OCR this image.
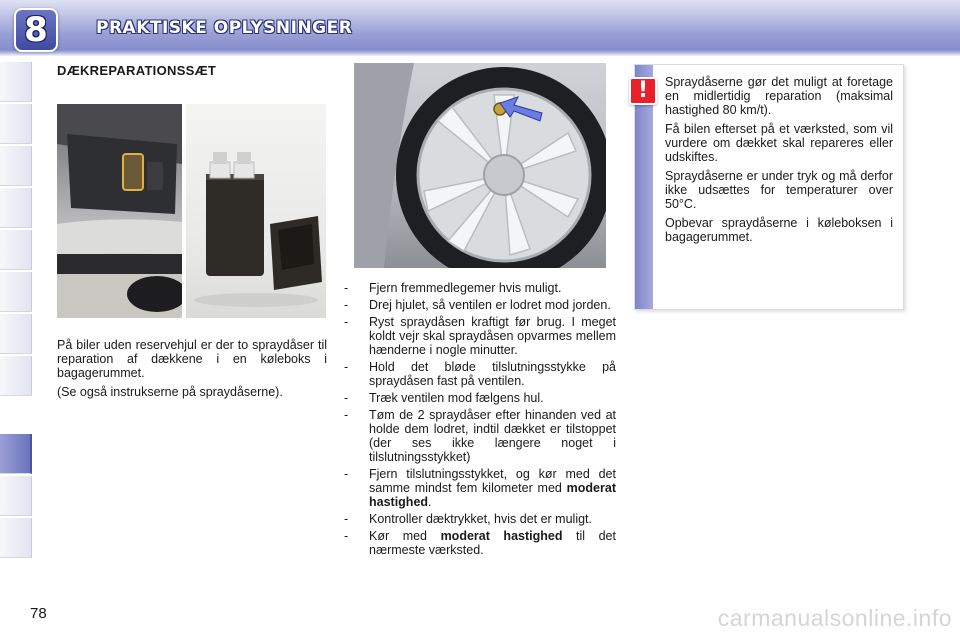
8	PRAKTISKE OPLYSNINGER
DÆKREPARATIONSSÆT

På biler uden reservehjul er der to spraydåser til reparation af dækkene i en køleboks i bagagerummet.

(Se også instrukserne på spraydåserne).

- Fjern fremmedlegemer hvis muligt.
- Drej hjulet, så ventilen er lodret mod jorden.
- Ryst spraydåsen kraftigt før brug. I meget koldt vejr skal spraydåsen opvarmes mellem hænderne i nogle minutter.
- Hold det bløde tilslutningsstykke på spraydåsen fast på ventilen.
- Træk ventilen mod fælgens hul.
- Tøm de 2 spraydåser efter hinanden ved at holde dem lodret, indtil dækket er tilstoppet (der ses ikke længere noget i tilslutningsstykket)
- Fjern tilslutningsstykket, og kør med det samme mindst fem kilometer med moderat hastighed.
- Kontroller dæktrykket, hvis det er muligt.
- Kør med moderat hastighed til det nærmeste værksted.
! Spraydåserne gør det muligt at foretage en midlertidig reparation (maksimal hastighed 80 km/t).

Få bilen efterset på et værksted, som vil vurdere om dækket skal repareres eller udskiftes.

Spraydåserne er under tryk og må derfor ikke udsættes for temperaturer over 50°C.

Opbevar spraydåserne i køleboksen i bagagerummet.

78	carmanualsonline.info
